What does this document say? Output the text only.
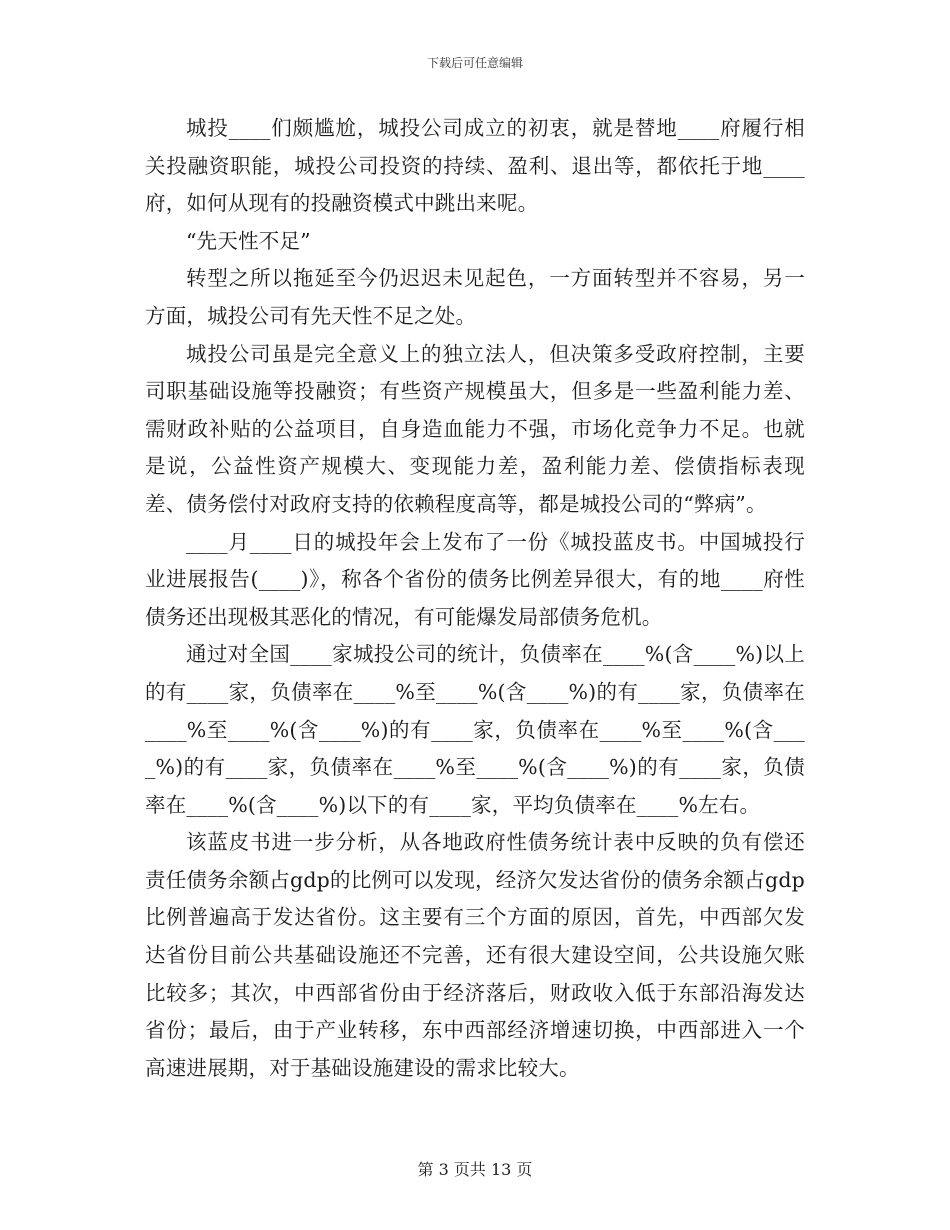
下载后可任意编辑

城投____们颇尴尬，城投公司成立的初衷，就是替地____府履行相关投融资职能，城投公司投资的持续、盈利、退出等，都依托于地____府，如何从现有的投融资模式中跳出来呢。

“先天性不足”

转型之所以拖延至今仍迟迟未见起色，一方面转型并不容易，另一方面，城投公司有先天性不足之处。

城投公司虽是完全意义上的独立法人，但决策多受政府控制，主要司职基础设施等投融资；有些资产规模虽大，但多是一些盈利能力差、需财政补贴的公益项目，自身造血能力不强，市场化竞争力不足。也就是说，公益性资产规模大、变现能力差，盈利能力差、偿债指标表现差、债务偿付对政府支持的依赖程度高等，都是城投公司的“弊病”。

____月____日的城投年会上发布了一份《城投蓝皮书。中国城投行业进展报告(____)》，称各个省份的债务比例差异很大，有的地____府性债务还出现极其恶化的情况，有可能爆发局部债务危机。

通过对全国____家城投公司的统计，负债率在____%(含____%)以上的有____家，负债率在____%至____%(含____%)的有____家，负债率在____%至____%(含____%)的有____家，负债率在____%至____%(含____%)的有____家，负债率在____%至____%(含____%)的有____家，负债率在____%(含____%)以下的有____家，平均负债率在____%左右。

该蓝皮书进一步分析，从各地政府性债务统计表中反映的负有偿还责任债务余额占gdp的比例可以发现，经济欠发达省份的债务余额占gdp比例普遍高于发达省份。这主要有三个方面的原因，首先，中西部欠发达省份目前公共基础设施还不完善，还有很大建设空间，公共设施欠账比较多；其次，中西部省份由于经济落后，财政收入低于东部沿海发达省份；最后，由于产业转移，东中西部经济增速切换，中西部进入一个高速进展期，对于基础设施建设的需求比较大。

第 3 页共 13 页
